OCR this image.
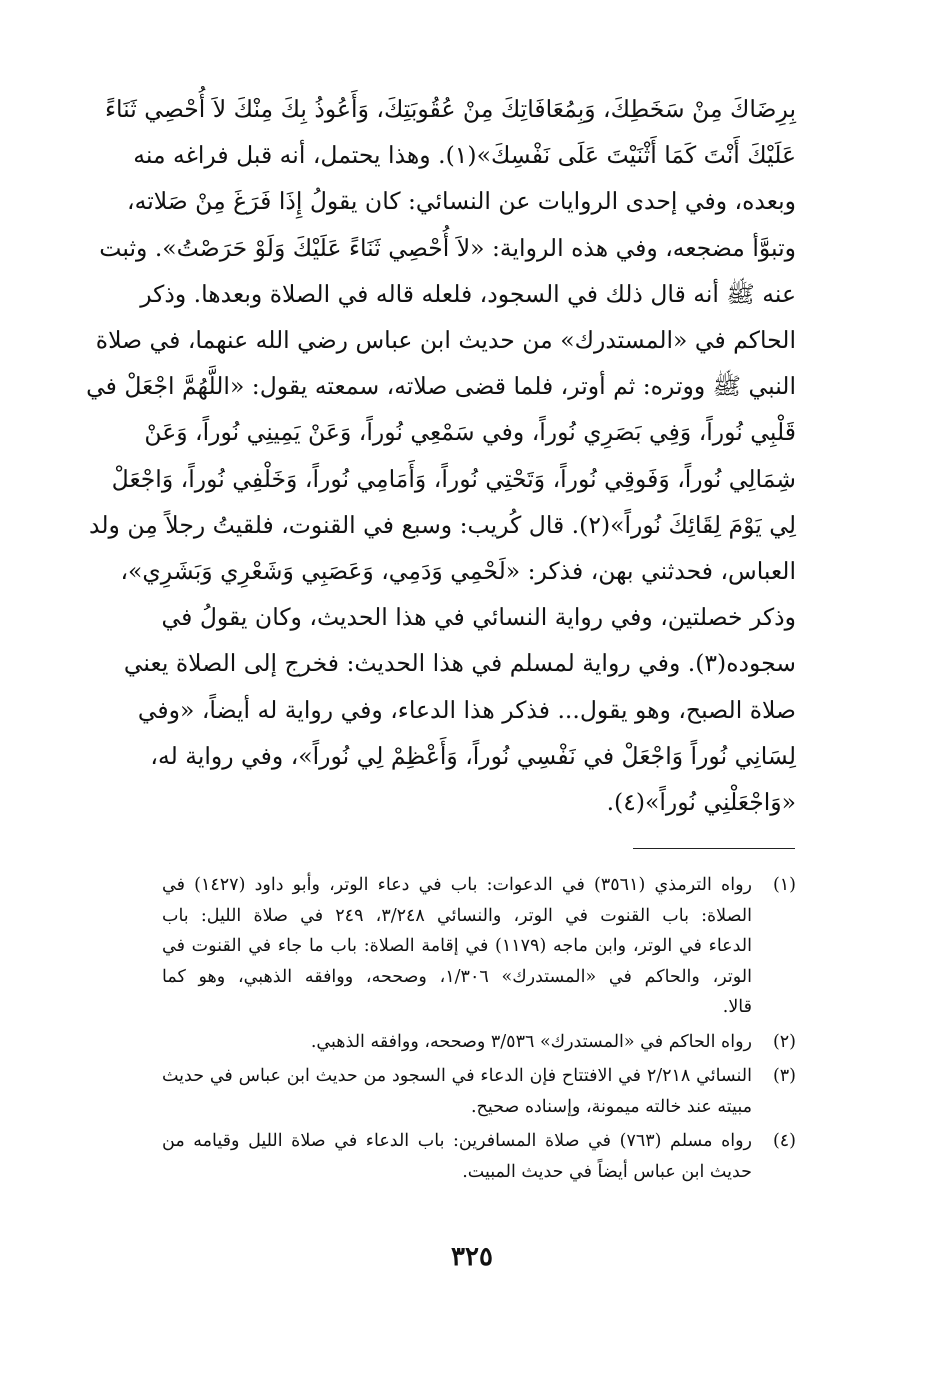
بِرِضَاكَ مِنْ سَخَطِكَ، وَبِمُعَافَاتِكَ مِنْ عُقُوبَتِكَ، وَأَعُوذُ بِكَ مِنْكَ لاَ أُحْصِي ثَنَاءً
عَلَيْكَ أَنْتَ كَمَا أَثْنَيْتَ عَلَى نَفْسِكَ»(١). وهذا يحتمل، أنه قبل فراغه منه
وبعده، وفي إحدى الروايات عن النسائي: كان يقولُ إِذَا فَرَغَ مِنْ صَلاته،
وتبوَّأ مضجعه، وفي هذه الرواية: «لاَ أُحْصِي ثَنَاءً عَلَيْكَ وَلَوْ حَرَصْتُ». وثبت
عنه ﷺ أنه قال ذلك في السجود، فلعله قاله في الصلاة وبعدها. وذكر
الحاكم في «المستدرك» من حديث ابن عباس رضي الله عنهما، في صلاة
النبي ﷺ ووتره: ثم أوتر، فلما قضى صلاته، سمعته يقول: «اللَّهُمَّ اجْعَلْ في
قَلْبِي نُوراً، وَفِي بَصَرِي نُوراً، وفي سَمْعِي نُوراً، وَعَنْ يَمِينِي نُوراً، وَعَنْ
شِمَالِي نُوراً، وَفَوقِي نُوراً، وَتَحْتِي نُوراً، وَأَمَامِي نُوراً، وَخَلْفِي نُوراً، وَاجْعَلْ
لِي يَوْمَ لِقَائِكَ نُوراً»(٢). قال كُريب: وسبع في القنوت، فلقيتُ رجلاً مِن ولد
العباس، فحدثني بهن، فذكر: «لَحْمِي وَدَمِي، وَعَصَبِي وَشَعْرِي وَبَشَرِي»،
وذكر خصلتين، وفي رواية النسائي في هذا الحديث، وكان يقولُ في
سجوده(٣). وفي رواية لمسلم في هذا الحديث: فخرج إلى الصلاة يعني
صلاة الصبح، وهو يقول... فذكر هذا الدعاء، وفي رواية له أيضاً، «وفي
لِسَانِي نُوراً وَاجْعَلْ في نَفْسِي نُوراً، وَأَعْظِمْ لِي نُوراً»، وفي رواية له،
«وَاجْعَلْنِي نُوراً»(٤).
(١)
رواه الترمذي (٣٥٦١) في الدعوات: باب في دعاء الوتر، وأبو داود (١٤٢٧) في
الصلاة: باب القنوت في الوتر، والنسائي ٣/٢٤٨، ٢٤٩ في صلاة الليل: باب
الدعاء في الوتر، وابن ماجه (١١٧٩) في إقامة الصلاة: باب ما جاء في القنوت في
الوتر، والحاكم في «المستدرك» ١/٣٠٦، وصححه، ووافقه الذهبي، وهو كما
قالا.
(٢)
رواه الحاكم في «المستدرك» ٣/٥٣٦ وصححه، ووافقه الذهبي.
(٣)
النسائي ٢/٢١٨ في الافتتاح فإن الدعاء في السجود من حديث ابن عباس في حديث
مبيته عند خالته ميمونة، وإسناده صحيح.
(٤)
رواه مسلم (٧٦٣) في صلاة المسافرين: باب الدعاء في صلاة الليل وقيامه من
حديث ابن عباس أيضاً في حديث المبيت.
٣٢٥
